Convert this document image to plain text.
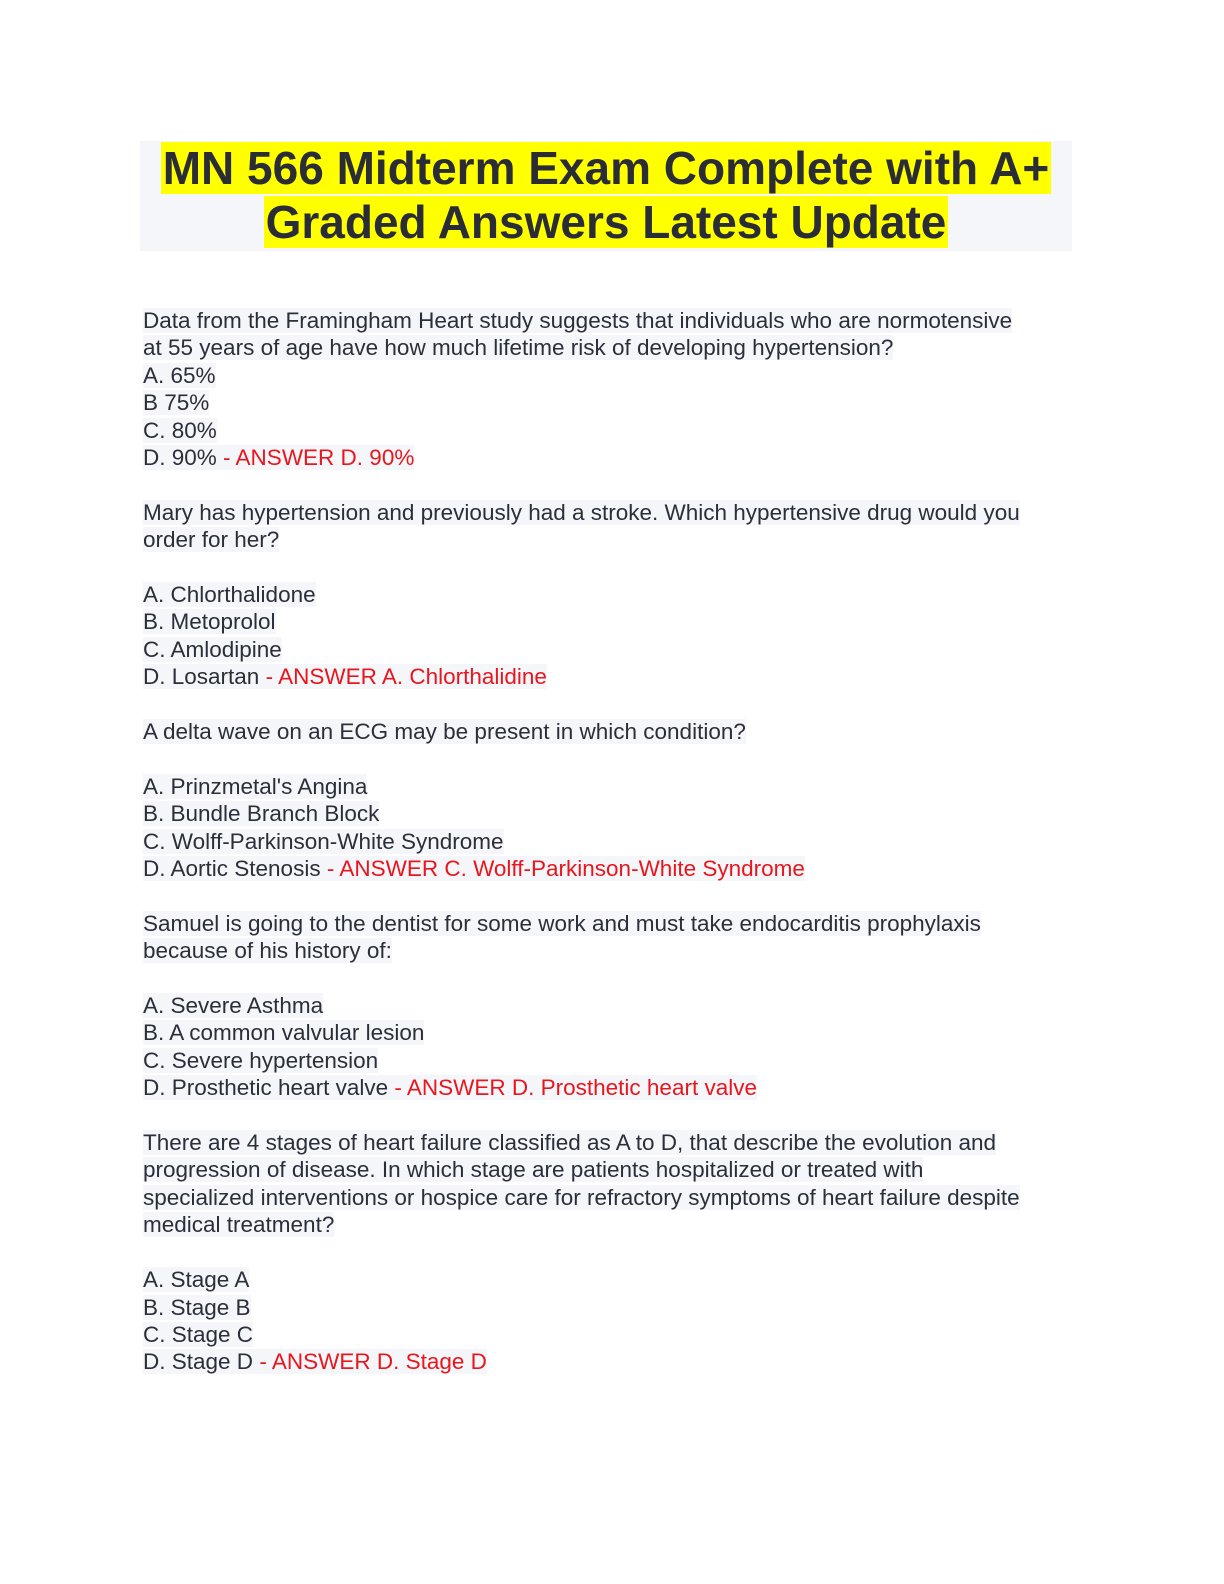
MN 566 Midterm Exam Complete with A+
Graded Answers Latest Update
Data from the Framingham Heart study suggests that individuals who are normotensive
at 55 years of age have how much lifetime risk of developing hypertension?
A. 65%
B 75%
C. 80%
D. 90% - ANSWER D. 90%
Mary has hypertension and previously had a stroke. Which hypertensive drug would you
order for her?
A. Chlorthalidone
B. Metoprolol
C. Amlodipine
D. Losartan - ANSWER A. Chlorthalidine
A delta wave on an ECG may be present in which condition?
A. Prinzmetal's Angina
B. Bundle Branch Block
C. Wolff-Parkinson-White Syndrome
D. Aortic Stenosis - ANSWER C. Wolff-Parkinson-White Syndrome
Samuel is going to the dentist for some work and must take endocarditis prophylaxis
because of his history of:
A. Severe Asthma
B. A common valvular lesion
C. Severe hypertension
D. Prosthetic heart valve - ANSWER D. Prosthetic heart valve
There are 4 stages of heart failure classified as A to D, that describe the evolution and
progression of disease. In which stage are patients hospitalized or treated with
specialized interventions or hospice care for refractory symptoms of heart failure despite
medical treatment?
A. Stage A
B. Stage B
C. Stage C
D. Stage D - ANSWER D. Stage D
